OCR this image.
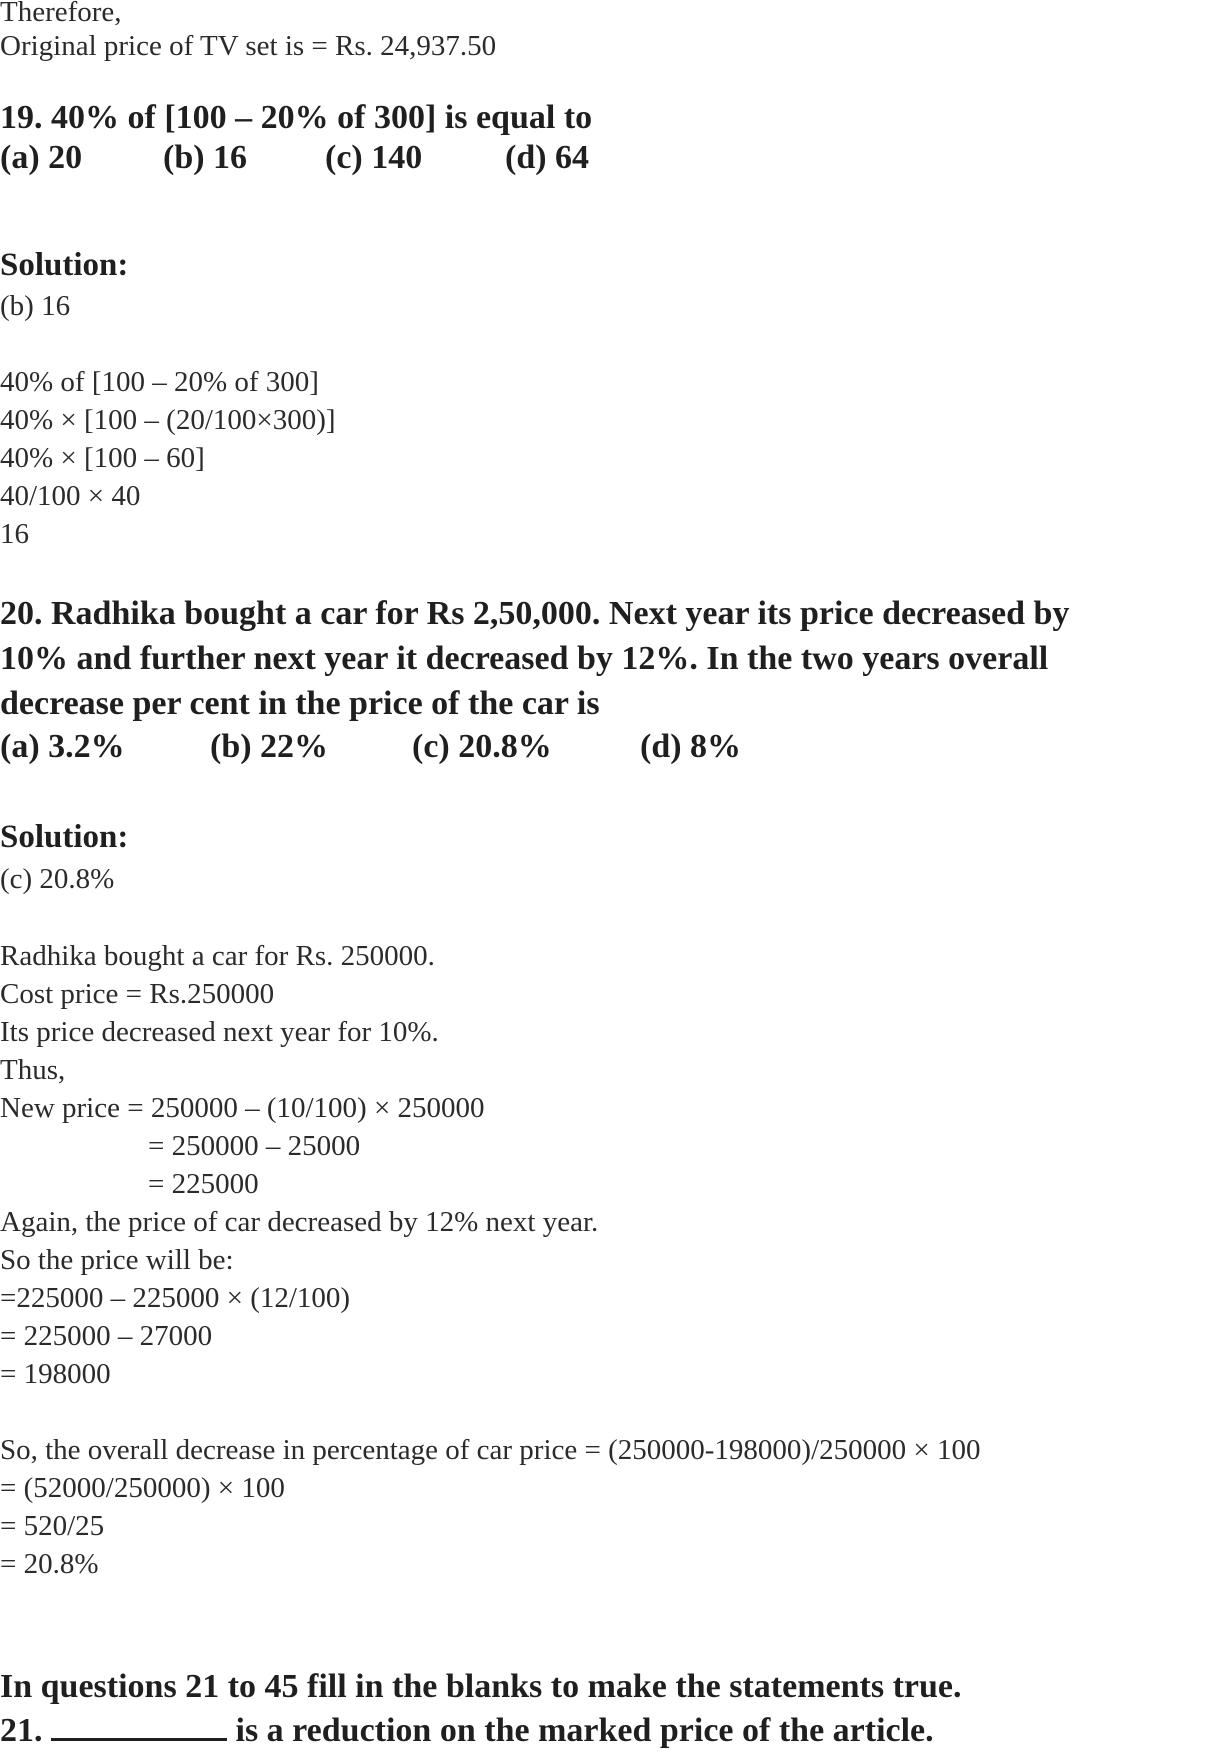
Therefore,
Original price of TV set is = Rs. 24,937.50
19. 40% of [100 – 20% of 300] is equal to
(a) 20 (b) 16 (c) 140 (d) 64
Solution:
(b) 16
40% of [100 – 20% of 300]
40% × [100 – (20/100×300)]
40% × [100 – 60]
40/100 × 40
16
20. Radhika bought a car for Rs 2,50,000. Next year its price decreased by
10% and further next year it decreased by 12%. In the two years overall
decrease per cent in the price of the car is
(a) 3.2%	(b) 22% (c) 20.8%	(d) 8%
Solution:
(c) 20.8%
Radhika bought a car for Rs. 250000.
Cost price = Rs.250000
Its price decreased next year for 10%.
Thus,
New price = 250000 – (10/100) × 250000
= 250000 – 25000
= 225000
Again, the price of car decreased by 12% next year.
So the price will be:
=225000 – 225000 × (12/100)
= 225000 – 27000
= 198000
So, the overall decrease in percentage of car price = (250000-198000)/250000 × 100
= (52000/250000) × 100
= 520/25
= 20.8%
In questions 21 to 45 fill in the blanks to make the statements true.
21.	is a reduction on the marked price of the article.
